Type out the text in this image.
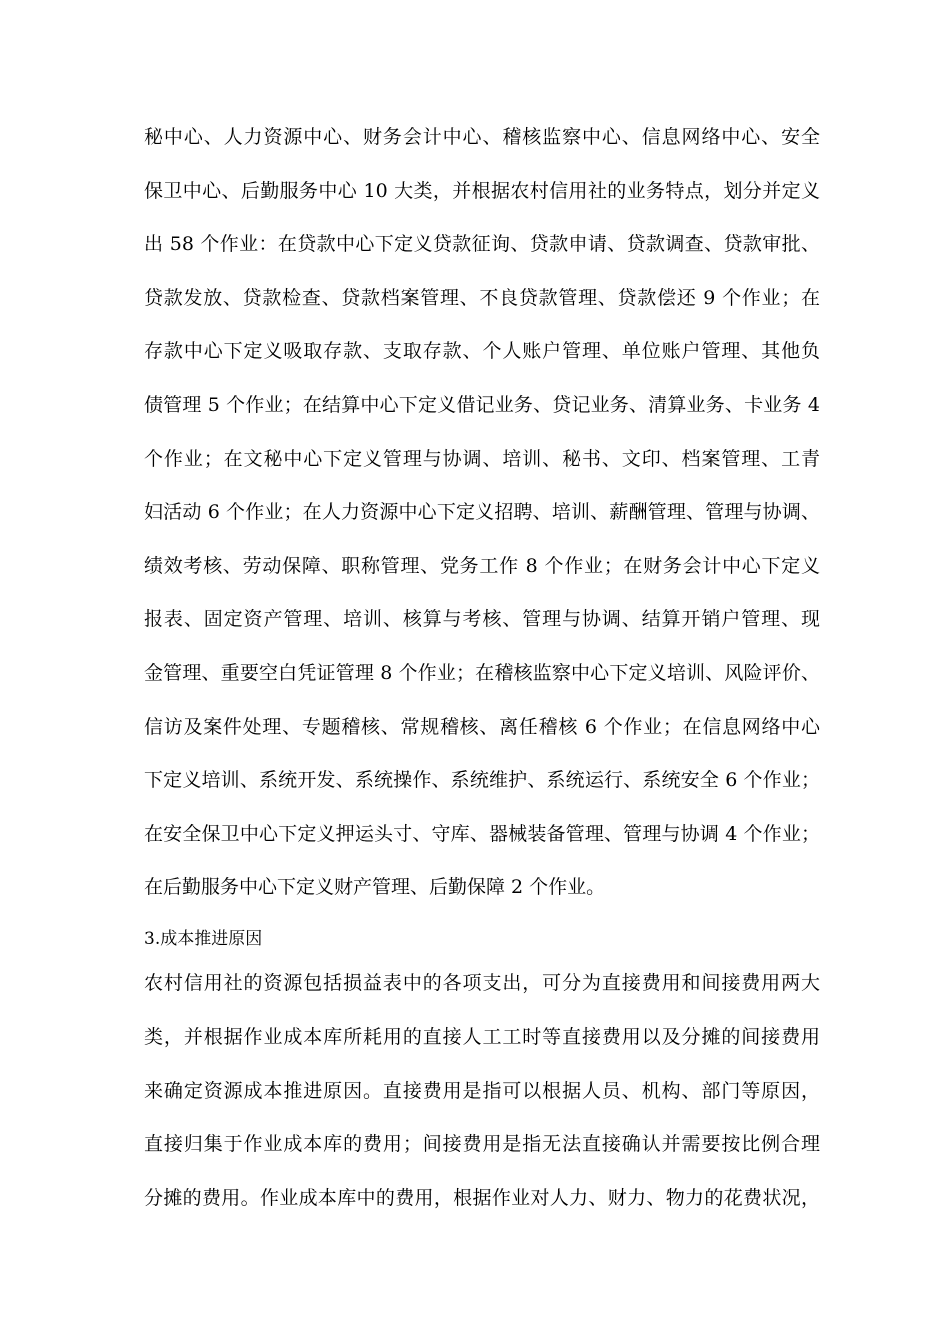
秘中心、人力资源中心、财务会计中心、稽核监察中心、信息网络中心、安全
保卫中心、后勤服务中心 10 大类，并根据农村信用社的业务特点，划分并定义
出 58 个作业：在贷款中心下定义贷款征询、贷款申请、贷款调查、贷款审批、
贷款发放、贷款检查、贷款档案管理、不良贷款管理、贷款偿还 9 个作业；在
存款中心下定义吸取存款、支取存款、个人账户管理、单位账户管理、其他负
债管理 5 个作业；在结算中心下定义借记业务、贷记业务、清算业务、卡业务 4
个作业；在文秘中心下定义管理与协调、培训、秘书、文印、档案管理、工青
妇活动 6 个作业；在人力资源中心下定义招聘、培训、薪酬管理、管理与协调、
绩效考核、劳动保障、职称管理、党务工作 8 个作业；在财务会计中心下定义
报表、固定资产管理、培训、核算与考核、管理与协调、结算开销户管理、现
金管理、重要空白凭证管理 8 个作业；在稽核监察中心下定义培训、风险评价、
信访及案件处理、专题稽核、常规稽核、离任稽核 6 个作业；在信息网络中心
下定义培训、系统开发、系统操作、系统维护、系统运行、系统安全 6 个作业；
在安全保卫中心下定义押运头寸、守库、器械装备管理、管理与协调 4 个作业；
在后勤服务中心下定义财产管理、后勤保障 2 个作业。
3.成本推进原因
农村信用社的资源包括损益表中的各项支出，可分为直接费用和间接费用两大
类，并根据作业成本库所耗用的直接人工工时等直接费用以及分摊的间接费用
来确定资源成本推进原因。直接费用是指可以根据人员、机构、部门等原因，
直接归集于作业成本库的费用；间接费用是指无法直接确认并需要按比例合理
分摊的费用。作业成本库中的费用，根据作业对人力、财力、物力的花费状况，
